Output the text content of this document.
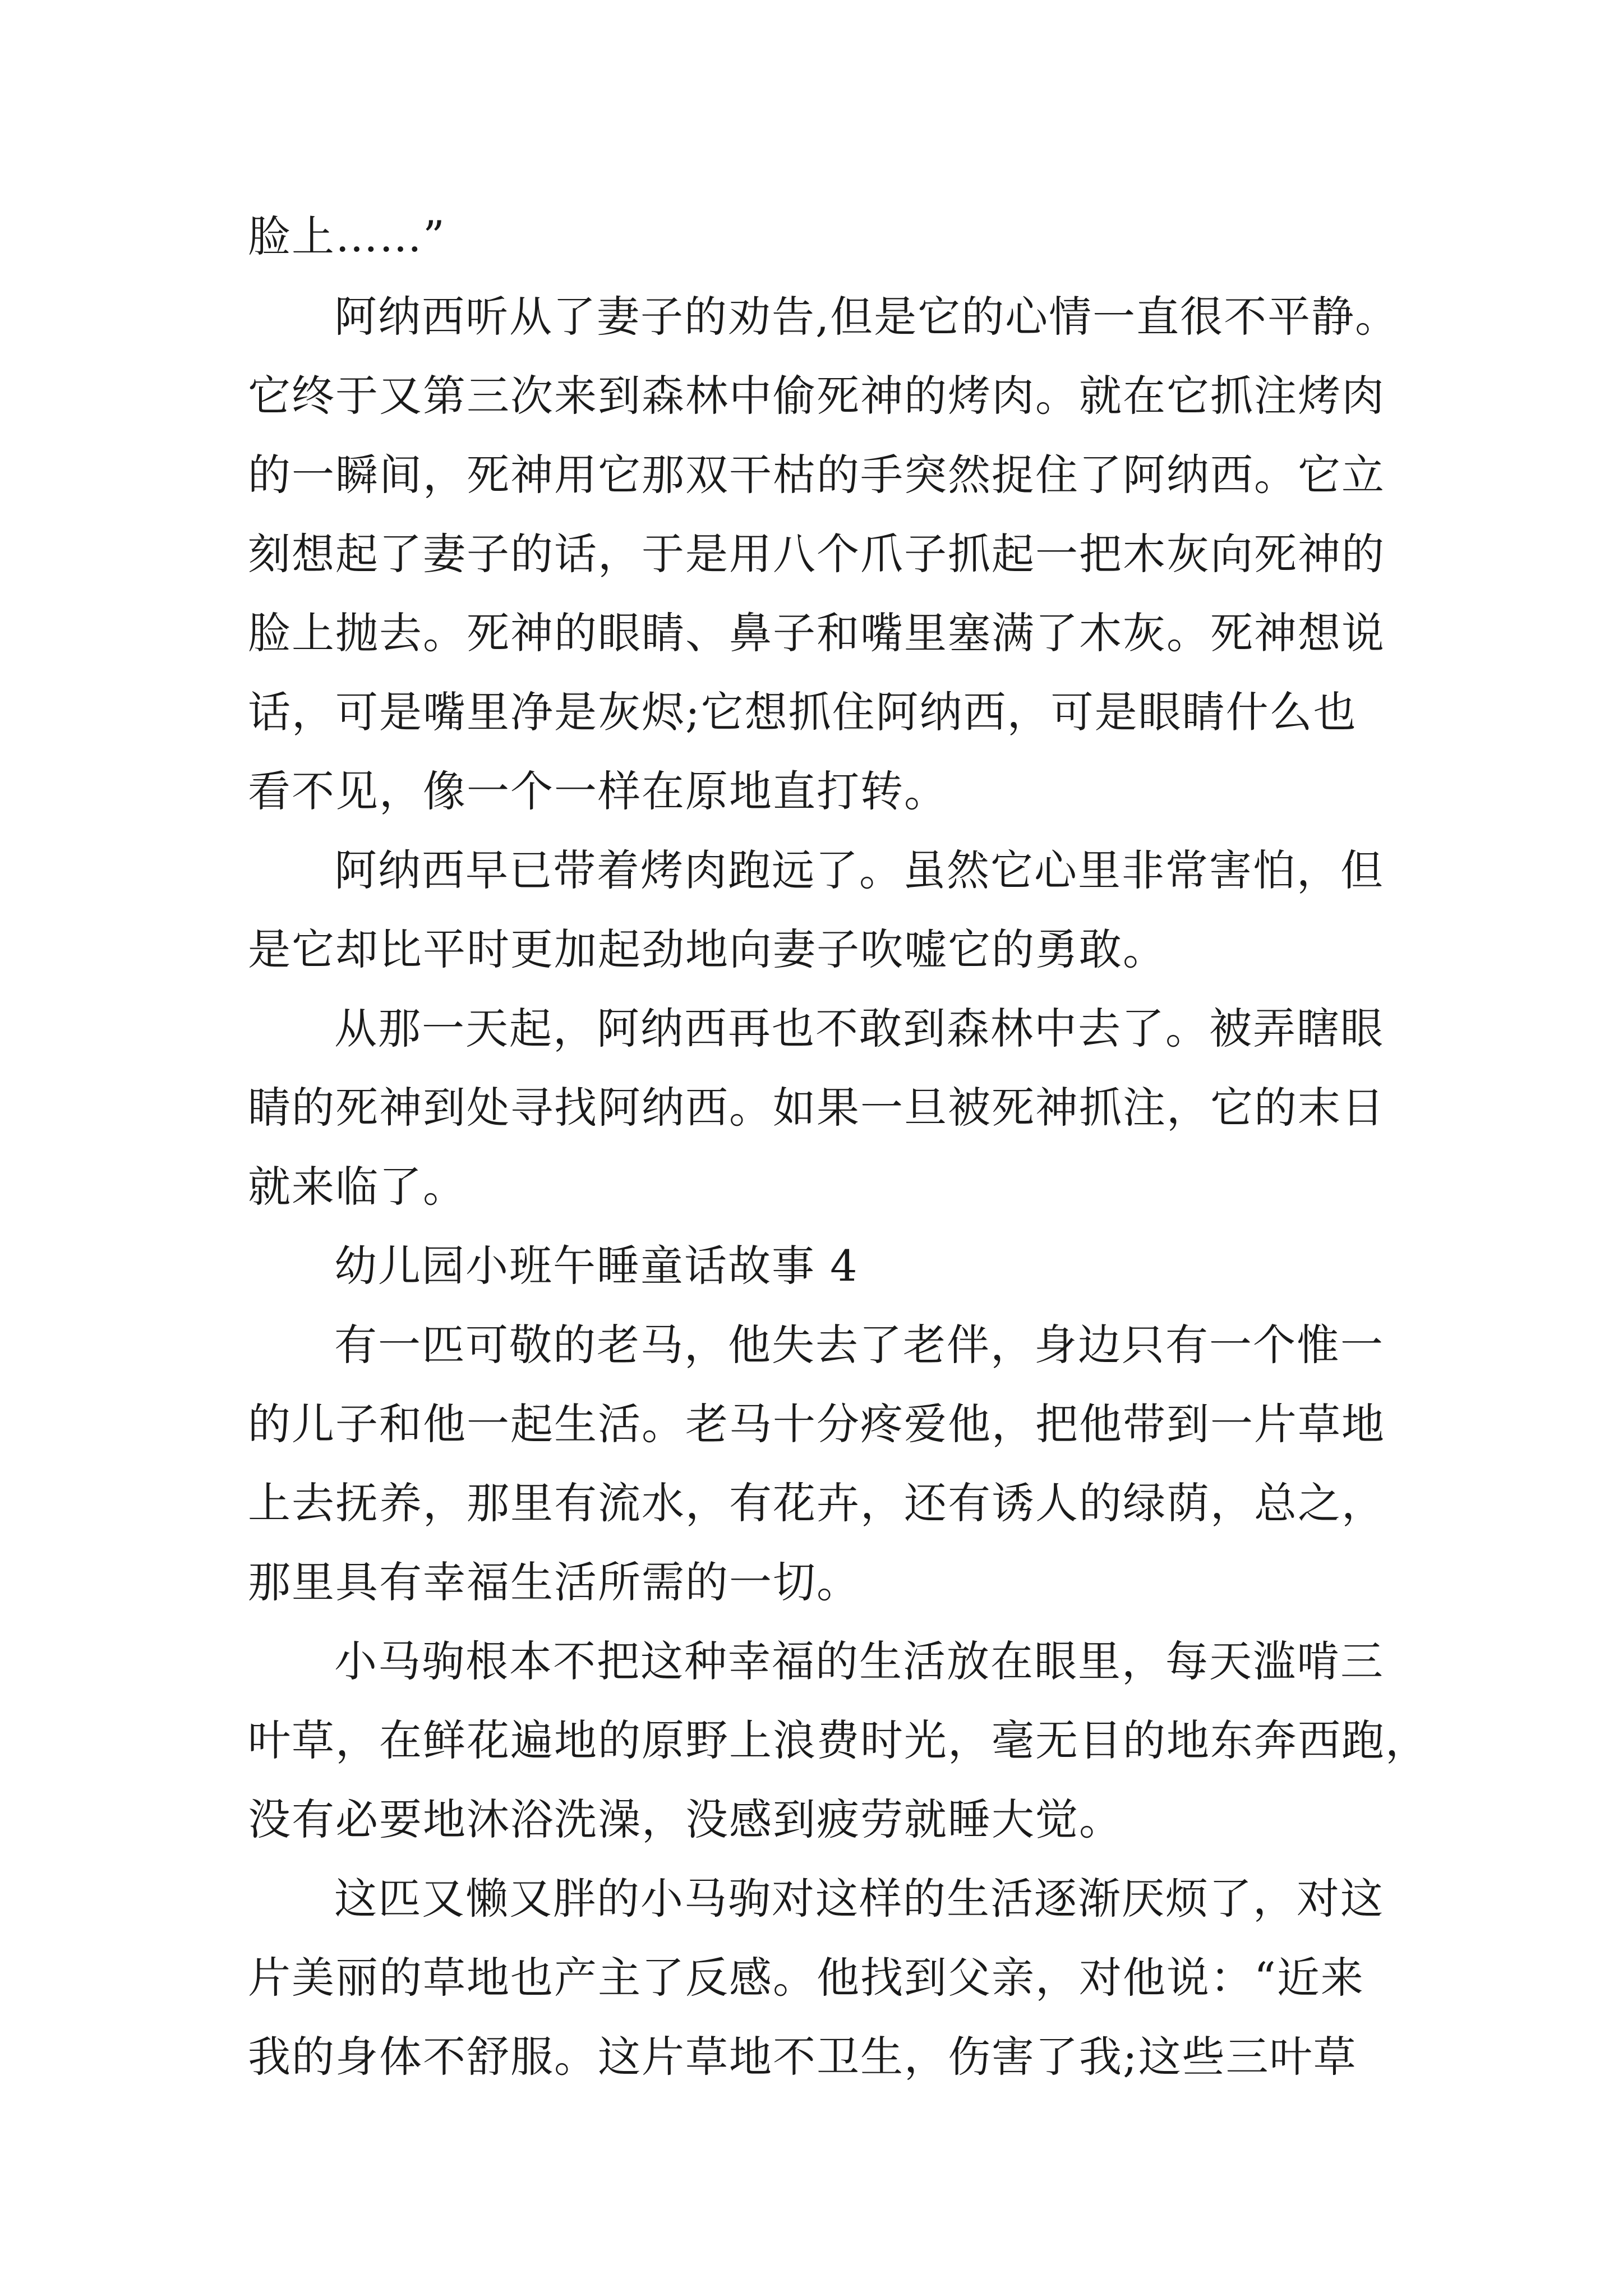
脸上……”
阿纳西听从了妻子的劝告,但是它的心情一直很不平静。
它终于又第三次来到森林中偷死神的烤肉。就在它抓注烤肉
的一瞬间，死神用它那双干枯的手突然捉住了阿纳西。它立
刻想起了妻子的话，于是用八个爪子抓起一把木灰向死神的
脸上抛去。死神的眼睛、鼻子和嘴里塞满了木灰。死神想说
话，可是嘴里净是灰烬;它想抓住阿纳西，可是眼睛什么也
看不见，像一个一样在原地直打转。
阿纳西早已带着烤肉跑远了。虽然它心里非常害怕，但
是它却比平时更加起劲地向妻子吹嘘它的勇敢。
从那一天起，阿纳西再也不敢到森林中去了。被弄瞎眼
睛的死神到处寻找阿纳西。如果一旦被死神抓注，它的末日
就来临了。
幼儿园小班午睡童话故事 4
有一匹可敬的老马，他失去了老伴，身边只有一个惟一
的儿子和他一起生活。老马十分疼爱他，把他带到一片草地
上去抚养，那里有流水，有花卉，还有诱人的绿荫，总之，
那里具有幸福生活所需的一切。
小马驹根本不把这种幸福的生活放在眼里，每天滥啃三
叶草，在鲜花遍地的原野上浪费时光，毫无目的地东奔西跑，
没有必要地沐浴洗澡，没感到疲劳就睡大觉。
这匹又懒又胖的小马驹对这样的生活逐渐厌烦了，对这
片美丽的草地也产主了反感。他找到父亲，对他说：“近来
我的身体不舒服。这片草地不卫生，伤害了我;这些三叶草
